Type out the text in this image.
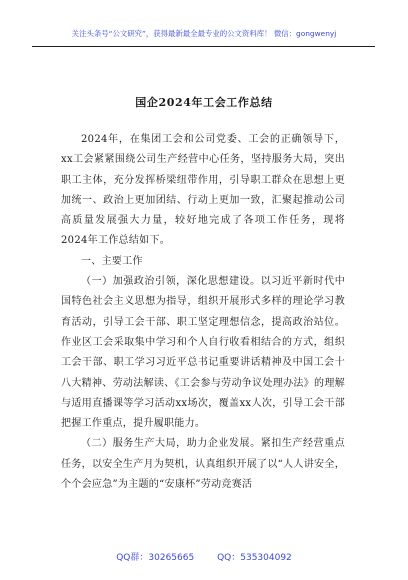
关注头条号“公文研究”，获得最新最全最专业的公文资料库！ 微信：gongwenyj
国企2024年工会工作总结

2024年，在集团工会和公司党委、工会的正确领导下，xx工会紧紧围绕公司生产经营中心任务，坚持服务大局，突出职工主体，充分发挥桥梁纽带作用，引导职工群众在思想上更加统一、政治上更加团结、行动上更加一致，汇聚起推动公司高质量发展强大力量，较好地完成了各项工作任务，现将2024年工作总结如下。

一、主要工作

（一）加强政治引领，深化思想建设。以习近平新时代中国特色社会主义思想为指导，组织开展形式多样的理论学习教育活动，引导工会干部、职工坚定理想信念，提高政治站位。作业区工会采取集中学习和个人自行收看相结合的方式，组织工会干部、职工学习习近平总书记重要讲话精神及中国工会十八大精神、劳动法解读、《工会参与劳动争议处理办法》的理解与适用直播课等学习活动xx场次，覆盖xx人次，引导工会干部把握工作重点，提升履职能力。

（二）服务生产大局，助力企业发展。紧扣生产经营重点任务，以安全生产月为契机，认真组织开展了以“人人讲安全，个个会应急”为主题的“安康杯”劳动竞赛活

QQ群：30265665	QQ：535304092
